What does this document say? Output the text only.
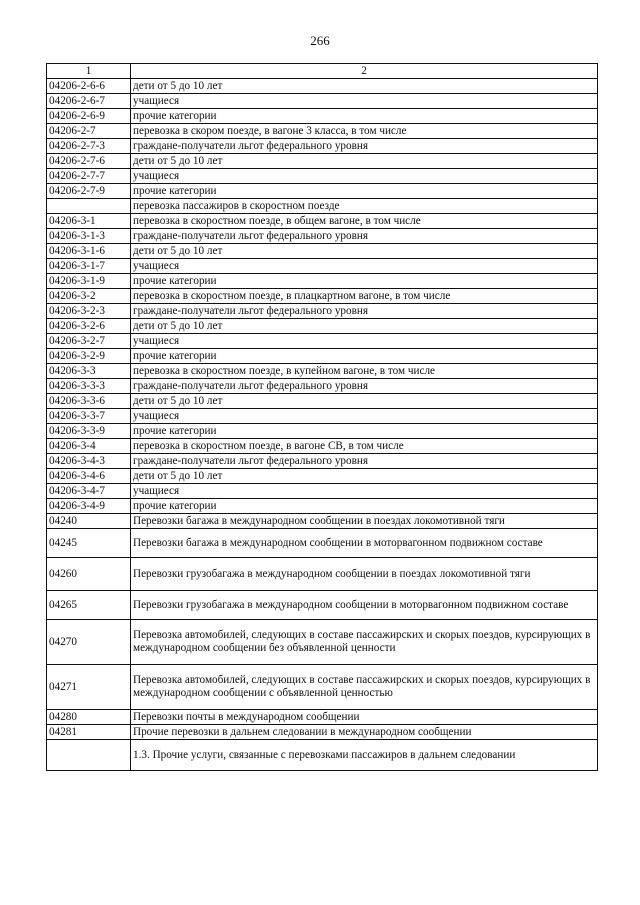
266
1	2
04206-2-6-6	дети от 5 до 10 лет
04206-2-6-7	учащиеся
04206-2-6-9	прочие категории
04206-2-7	перевозка в скором поезде, в вагоне 3 класса, в том числе
04206-2-7-3	граждане-получатели льгот федерального уровня
04206-2-7-6	дети от 5 до 10 лет
04206-2-7-7	учащиеся
04206-2-7-9	прочие категории
	перевозка пассажиров в скоростном поезде
04206-3-1	перевозка в скоростном поезде, в общем вагоне, в том числе
04206-3-1-3	граждане-получатели льгот федерального уровня
04206-3-1-6	дети от 5 до 10 лет
04206-3-1-7	учащиеся
04206-3-1-9	прочие категории
04206-3-2	перевозка в скоростном поезде, в плацкартном вагоне, в том числе
04206-3-2-3	граждане-получатели льгот федерального уровня
04206-3-2-6	дети от 5 до 10 лет
04206-3-2-7	учащиеся
04206-3-2-9	прочие категории
04206-3-3	перевозка в скоростном поезде, в купейном вагоне, в том числе
04206-3-3-3	граждане-получатели льгот федерального уровня
04206-3-3-6	дети от 5 до 10 лет
04206-3-3-7	учащиеся
04206-3-3-9	прочие категории
04206-3-4	перевозка в скоростном поезде, в вагоне СВ, в том числе
04206-3-4-3	граждане-получатели льгот федерального уровня
04206-3-4-6	дети от 5 до 10 лет
04206-3-4-7	учащиеся
04206-3-4-9	прочие категории
04240	Перевозки багажа в международном сообщении в поездах локомотивной тяги
04245	Перевозки багажа в международном сообщении в моторвагонном подвижном составе
04260	Перевозки грузобагажа в международном сообщении в поездах локомотивной тяги
04265	Перевозки грузобагажа в международном сообщении в моторвагонном подвижном составе
04270	Перевозка автомобилей, следующих в составе пассажирских и скорых поездов, курсирующих в международном сообщении без объявленной ценности
04271	Перевозка автомобилей, следующих в составе пассажирских и скорых поездов, курсирующих в международном сообщении с объявленной ценностью
04280	Перевозки почты в международном сообщении
04281	Прочие перевозки в дальнем следовании в международном сообщении
	1.3. Прочие услуги, связанные с перевозками пассажиров в дальнем следовании
